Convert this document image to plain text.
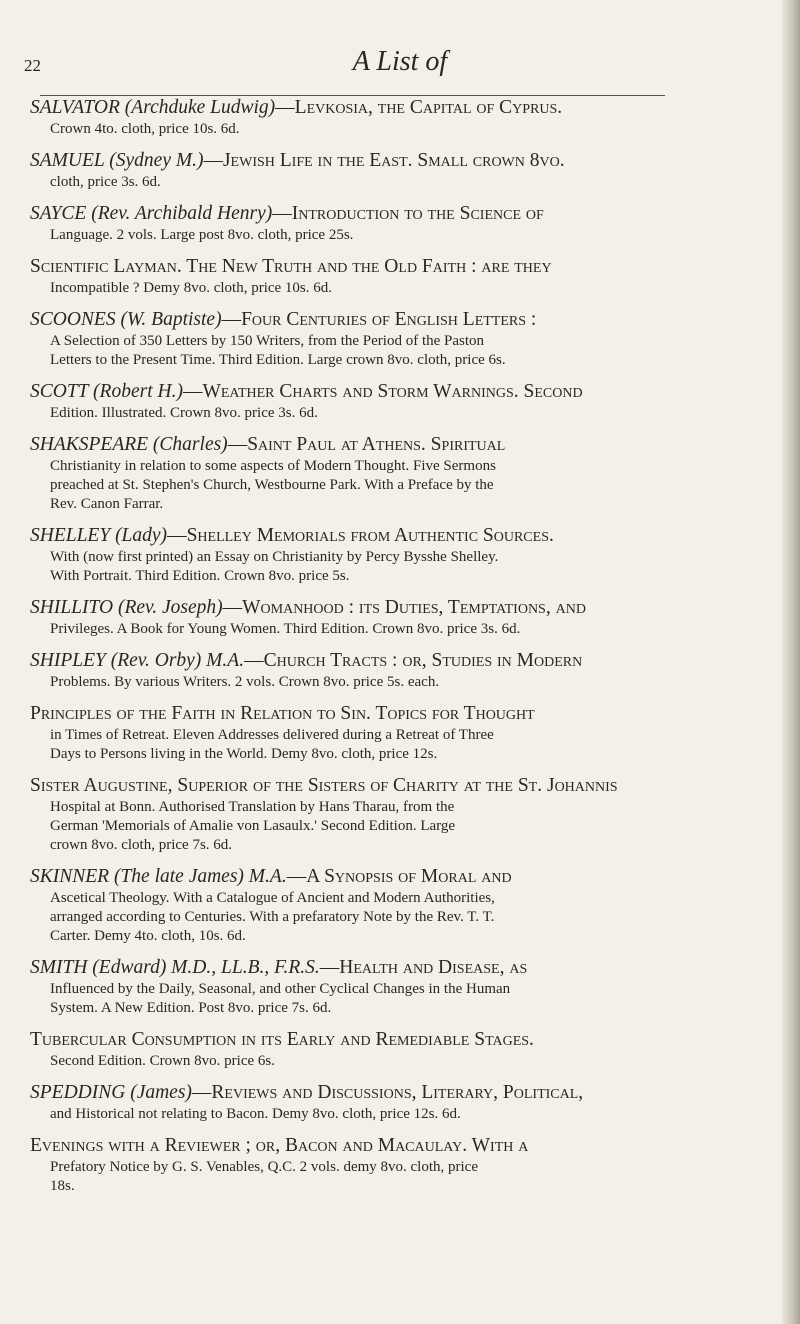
22	A List of
SALVATOR (Archduke Ludwig)—Levkosia, the Capital of Cyprus.
Crown 4to. cloth, price 10s. 6d.
SAMUEL (Sydney M.)—Jewish Life in the East. Small crown 8vo.
cloth, price 3s. 6d.
SAYCE (Rev. Archibald Henry)—Introduction to the Science of
Language. 2 vols. Large post 8vo. cloth, price 25s.
Scientific Layman. The New Truth and the Old Faith : are they
Incompatible ? Demy 8vo. cloth, price 10s. 6d.
SCOONES (W. Baptiste)—Four Centuries of English Letters :
A Selection of 350 Letters by 150 Writers, from the Period of the Paston
Letters to the Present Time. Third Edition. Large crown 8vo. cloth, price 6s.
SCOTT (Robert H.)—Weather Charts and Storm Warnings. Second
Edition. Illustrated. Crown 8vo. price 3s. 6d.
SHAKSPEARE (Charles)—Saint Paul at Athens. Spiritual
Christianity in relation to some aspects of Modern Thought. Five Sermons
preached at St. Stephen's Church, Westbourne Park. With a Preface by the
Rev. Canon Farrar.
SHELLEY (Lady)—Shelley Memorials from Authentic Sources.
With (now first printed) an Essay on Christianity by Percy Bysshe Shelley.
With Portrait. Third Edition. Crown 8vo. price 5s.
SHILLITO (Rev. Joseph)—Womanhood : its Duties, Temptations, and
Privileges. A Book for Young Women. Third Edition. Crown 8vo. price 3s. 6d.
SHIPLEY (Rev. Orby) M.A.—Church Tracts : or, Studies in Modern
Problems. By various Writers. 2 vols. Crown 8vo. price 5s. each.
Principles of the Faith in Relation to Sin. Topics for Thought
in Times of Retreat. Eleven Addresses delivered during a Retreat of Three
Days to Persons living in the World. Demy 8vo. cloth, price 12s.
Sister Augustine, Superior of the Sisters of Charity at the St. Johannis
Hospital at Bonn. Authorised Translation by Hans Tharau, from the
German 'Memorials of Amalie von Lasaulx.' Second Edition. Large
crown 8vo. cloth, price 7s. 6d.
SKINNER (The late James) M.A.—A Synopsis of Moral and
Ascetical Theology. With a Catalogue of Ancient and Modern Authorities,
arranged according to Centuries. With a prefaratory Note by the Rev. T. T.
Carter. Demy 4to. cloth, 10s. 6d.
SMITH (Edward) M.D., LL.B., F.R.S.—Health and Disease, as
Influenced by the Daily, Seasonal, and other Cyclical Changes in the Human
System. A New Edition. Post 8vo. price 7s. 6d.
Tubercular Consumption in its Early and Remediable Stages.
Second Edition. Crown 8vo. price 6s.
SPEDDING (James)—Reviews and Discussions, Literary, Political,
and Historical not relating to Bacon. Demy 8vo. cloth, price 12s. 6d.
Evenings with a Reviewer ; or, Bacon and Macaulay. With a
Prefatory Notice by G. S. Venables, Q.C. 2 vols. demy 8vo. cloth, price
18s.
